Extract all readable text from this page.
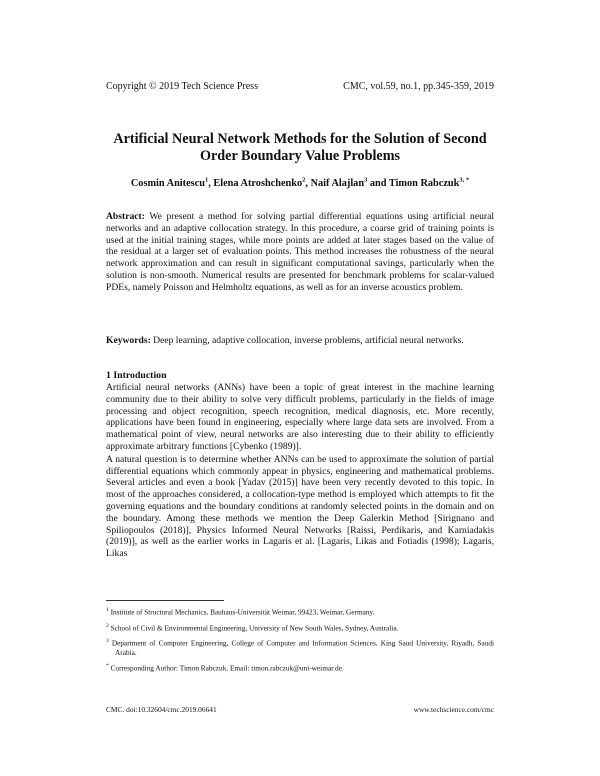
Copyright © 2019 Tech Science Press	CMC, vol.59, no.1, pp.345-359, 2019
Artificial Neural Network Methods for the Solution of Second
Order Boundary Value Problems
Cosmin Anitescu$^1$, Elena Atroshchenko$^2$, Naif Alajlan$^3$ and Timon Rabczuk$^{3, *}$
Abstract: We present a method for solving partial differential equations using artificial neural networks and an adaptive collocation strategy. In this procedure, a coarse grid of training points is used at the initial training stages, while more points are added at later stages based on the value of the residual at a larger set of evaluation points. This method increases the robustness of the neural network approximation and can result in significant computational savings, particularly when the solution is non-smooth. Numerical results are presented for benchmark problems for scalar-valued PDEs, namely Poisson and Helmholtz equations, as well as for an inverse acoustics problem.
Keywords: Deep learning, adaptive collocation, inverse problems, artificial neural networks.
1 Introduction

Artificial neural networks (ANNs) have been a topic of great interest in the machine learning community due to their ability to solve very difficult problems, particularly in the fields of image processing and object recognition, speech recognition, medical diagnosis, etc. More recently, applications have been found in engineering, especially where large data sets are involved. From a mathematical point of view, neural networks are also interesting due to their ability to efficiently approximate arbitrary functions [Cybenko (1989)].

A natural question is to determine whether ANNs can be used to approximate the solution of partial differential equations which commonly appear in physics, engineering and mathematical problems. Several articles and even a book [Yadav (2015)] have been very recently devoted to this topic. In most of the approaches considered, a collocation-type method is employed which attempts to fit the governing equations and the boundary conditions at randomly selected points in the domain and on the boundary. Among these methods we mention the Deep Galerkin Method [Sirignano and Spiliopoulos (2018)], Physics Informed Neural Networks [Raissi, Perdikaris, and Karniadakis (2019)], as well as the earlier works in Lagaris et al. [Lagaris, Likas and Fotiadis (1998); Lagaris, Likas

$^1$ Institute of Structural Mechanics, Bauhaus-Universität Weimar, 99423, Weimar, Germany.
$^2$ School of Civil & Environmental Engineering, University of New South Wales, Sydney, Australia.
$^3$ Department of Computer Engineering, College of Computer and Information Sciences, King Saud University, Riyadh, Saudi Arabia.
* Corresponding Author: Timon Rabczuk. Email: timon.rabczuk@uni-weimar.de.
CMC. doi:10.32604/cmc.2019.06641	www.techscience.com/cmc
